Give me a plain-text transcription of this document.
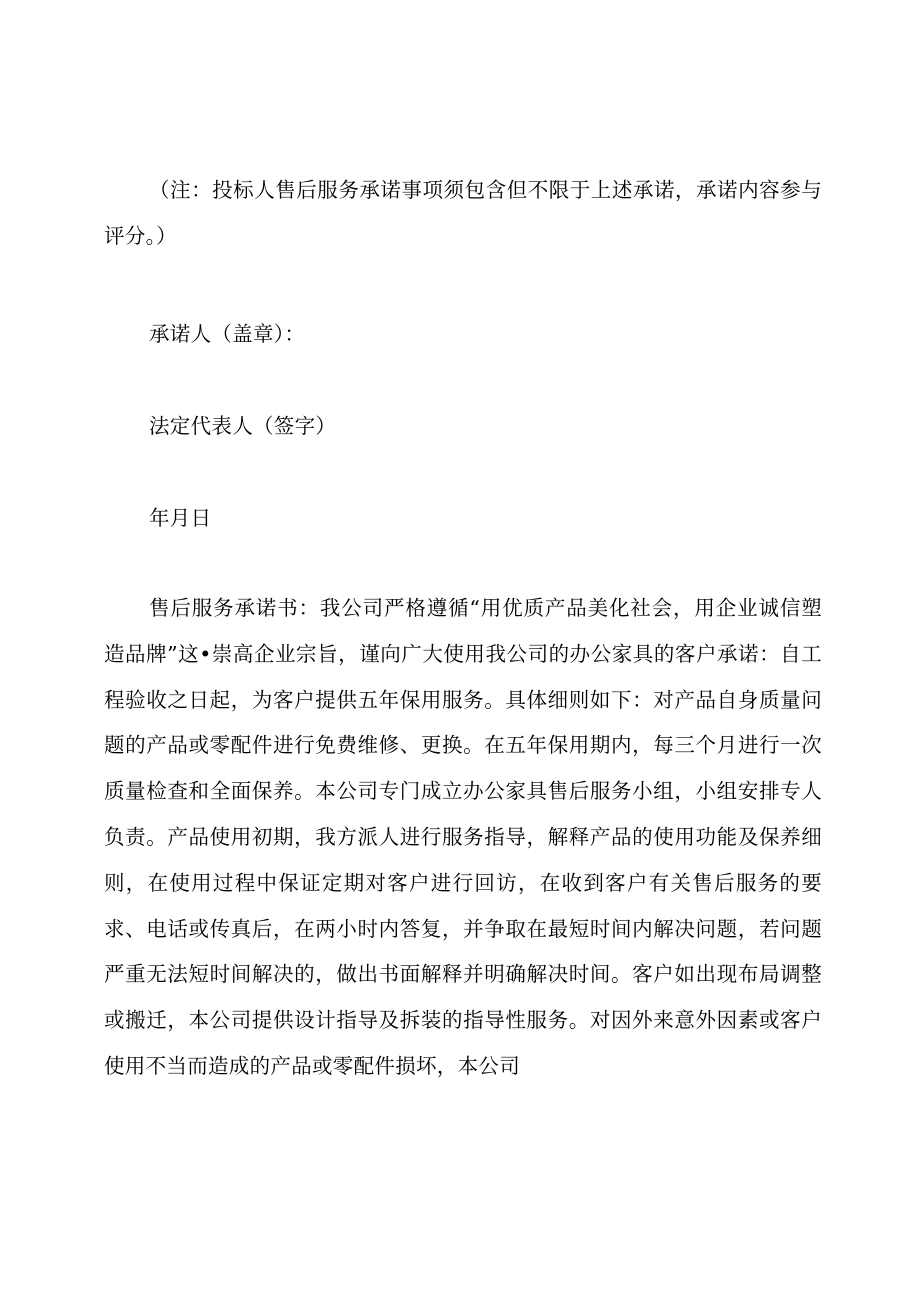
（注：投标人售后服务承诺事项须包含但不限于上述承诺，承诺内容参与评分。）

承诺人（盖章）：

法定代表人（签字）

年月日

售后服务承诺书：我公司严格遵循“用优质产品美化社会，用企业诚信塑造品牌”这•崇高企业宗旨，谨向广大使用我公司的办公家具的客户承诺：自工程验收之日起，为客户提供五年保用服务。具体细则如下：对产品自身质量问题的产品或零配件进行免费维修、更换。在五年保用期内，每三个月进行一次质量检查和全面保养。本公司专门成立办公家具售后服务小组，小组安排专人负责。产品使用初期，我方派人进行服务指导，解释产品的使用功能及保养细则，在使用过程中保证定期对客户进行回访，在收到客户有关售后服务的要求、电话或传真后，在两小时内答复，并争取在最短时间内解决问题，若问题严重无法短时间解决的，做出书面解释并明确解决时间。客户如出现布局调整或搬迁，本公司提供设计指导及拆装的指导性服务。对因外来意外因素或客户使用不当而造成的产品或零配件损坏，本公司
